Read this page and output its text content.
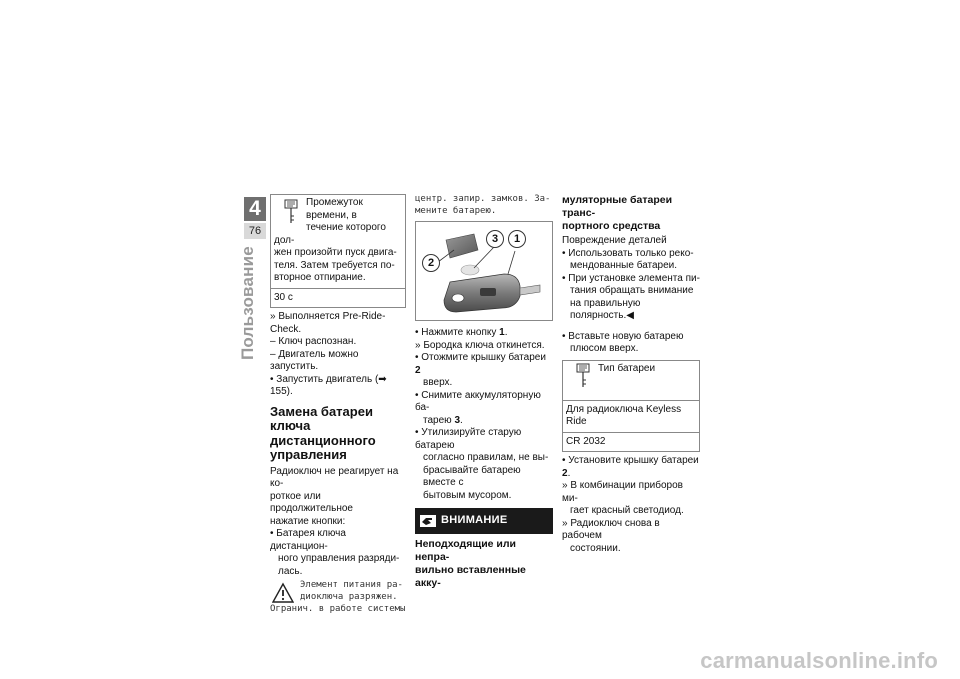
4
76
Пользование
Промежуток времени, в
течение которого дол-
жен произойти пуск двига-
теля. Затем требуется по-
вторное отпирание.
30 с
» Выполняется Pre-Ride-Check.
– Ключ распознан.
– Двигатель можно запустить.
• Запустить двигатель (➡ 155).
Замена батареи ключа
дистанционного
управления
Радиоключ не реагирует на ко-
роткое или продолжительное
нажатие кнопки:
• Батарея ключа дистанцион-
ного управления разряди-
лась.
Элемент питания ра-
диоключа разряжен.
Огранич. в работе системы
центр. запир. замков. За-
мените батарею.
3	1
2
• Нажмите кнопку 1.
» Бородка ключа откинется.
• Отожмите крышку батареи 2
вверх.
• Снимите аккумуляторную ба-
тарею 3.
• Утилизируйте старую батарею
согласно правилам, не вы-
брасывайте батарею вместе с
бытовым мусором.
ВНИМАНИЕ
Неподходящие или непра-
вильно вставленные акку-
муляторные батареи транс-
портного средства
Повреждение деталей
• Использовать только реко-
мендованные батареи.
• При установке элемента пи-
тания обращать внимание
на правильную полярность.◀
• Вставьте новую батарею
плюсом вверх.
Тип батареи
Для радиоключа Keyless Ride
CR 2032
• Установите крышку батареи 2.
» В комбинации приборов ми-
гает красный светодиод.
» Радиоключ снова в рабочем
состоянии.
carmanualsonline.info
